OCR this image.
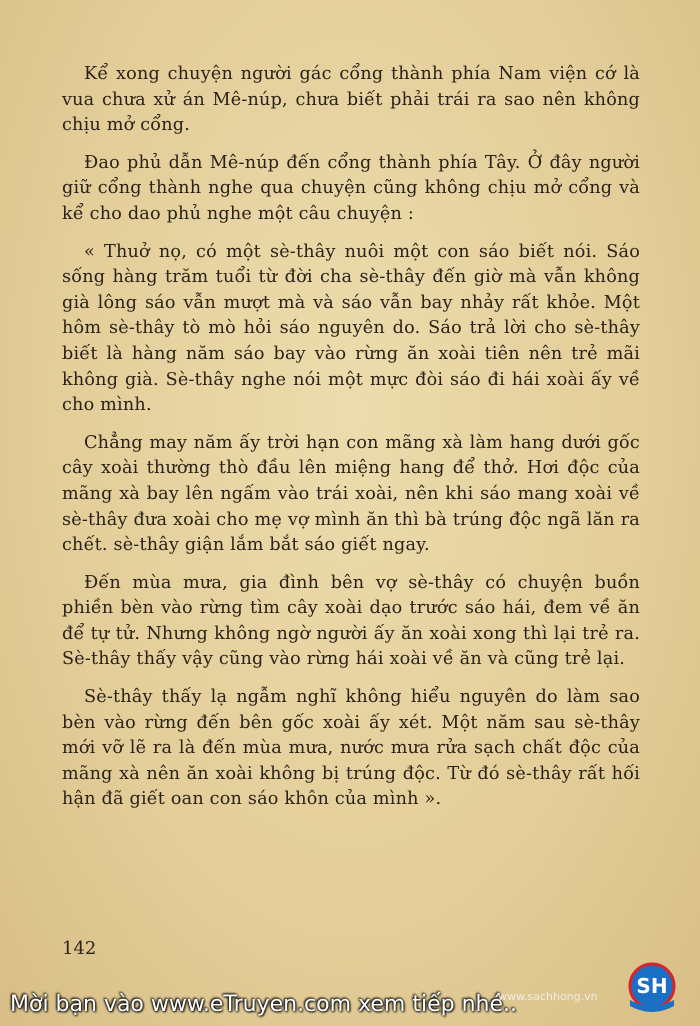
Kể xong chuyện người gác cổng thành phía Nam viện cớ là vua chưa xử án Mê-núp, chưa biết phải trái ra sao nên không chịu mở cổng.

Đao phủ dẫn Mê-núp đến cổng thành phía Tây. Ở đây người giữ cổng thành nghe qua chuyện cũng không chịu mở cổng và kể cho dao phủ nghe một câu chuyện :

« Thuở nọ, có một sè-thây nuôi một con sáo biết nói. Sáo sống hàng trăm tuổi từ đời cha sè-thây đến giờ mà vẫn không già lông sáo vẫn mượt mà và sáo vẫn bay nhảy rất khỏe. Một hôm sè-thây tò mò hỏi sáo nguyên do. Sáo trả lời cho sè-thây biết là hàng năm sáo bay vào rừng ăn xoài tiên nên trẻ mãi không già. Sè-thây nghe nói một mực đòi sáo đi hái xoài ấy về cho mình.

Chẳng may năm ấy trời hạn con mãng xà làm hang dưới gốc cây xoài thường thò đầu lên miệng hang để thở. Hơi độc của mãng xà bay lên ngấm vào trái xoài, nên khi sáo mang xoài về sè-thây đưa xoài cho mẹ vợ mình ăn thì bà trúng độc ngã lăn ra chết. sè-thây giận lắm bắt sáo giết ngay.

Đến mùa mưa, gia đình bên vợ sè-thây có chuyện buồn phiền bèn vào rừng tìm cây xoài dạo trước sáo hái, đem về ăn để tự tử. Nhưng không ngờ người ấy ăn xoài xong thì lại trẻ ra. Sè-thây thấy vậy cũng vào rừng hái xoài về ăn và cũng trẻ lại.

Sè-thây thấy lạ ngẫm nghĩ không hiểu nguyên do làm sao bèn vào rừng đến bên gốc xoài ấy xét. Một năm sau sè-thây mới vỡ lẽ ra là đến mùa mưa, nước mưa rửa sạch chất độc của mãng xà nên ăn xoài không bị trúng độc. Từ đó sè-thây rất hối hận đã giết oan con sáo khôn của mình ».

142
Mời bạn vào www.eTruyen.com xem tiếp nhé..
www.sachhong.vn SH
